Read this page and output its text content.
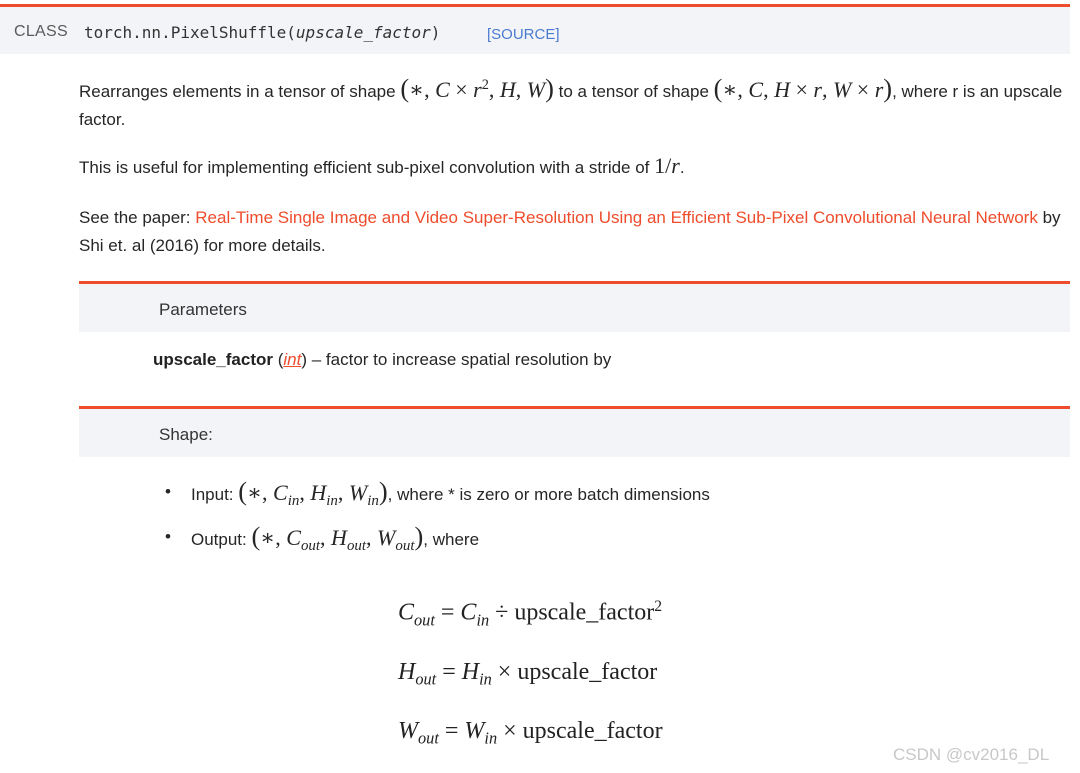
CLASS torch.nn.PixelShuffle(upscale_factor)	[SOURCE]

Rearranges elements in a tensor of shape (∗, $C \times r^2$, H, W) to a tensor of shape (∗, C, H × r, W × r), where r is an upscale factor.

This is useful for implementing efficient sub-pixel convolution with a stride of 1/r.

See the paper: Real-Time Single Image and Video Super-Resolution Using an Efficient Sub-Pixel Convolutional Neural Network by Shi et. al (2016) for more details.

Parameters
upscale_factor (int) – factor to increase spatial resolution by
Shape:
• Input: (∗, $C_{in}$, $H_{in}$, $W_{in}$), where * is zero or more batch dimensions
• Output: (∗, $C_{out}$, $H_{out}$, $W_{out}$), where
$C_{out} = C_{in}$ ÷ upscale_factor$^2$
$H_{out} = H_{in}$ × upscale_factor
$W_{out} = W_{in}$ × upscale_factor
CSDN @cv2016_DL
